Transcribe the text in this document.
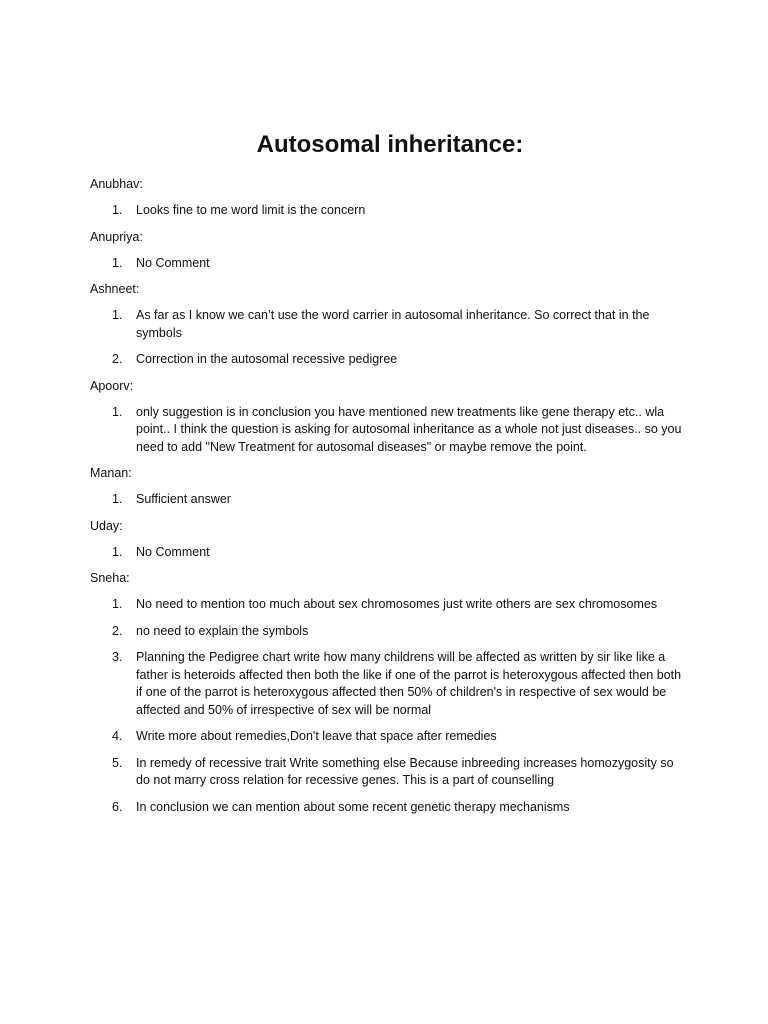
Autosomal inheritance:

Anubhav:

1. Looks fine to me word limit is the concern

Anupriya:

1. No Comment

Ashneet:

1. As far as I know we can’t use the word carrier in autosomal inheritance. So correct that in the symbols
2. Correction in the autosomal recessive pedigree

Apoorv:

1. only suggestion is in conclusion you have mentioned new treatments like gene therapy etc.. wla point.. I think the question is asking for autosomal inheritance as a whole not just diseases.. so you need to add "New Treatment for autosomal diseases" or maybe remove the point.

Manan:

1. Sufficient answer

Uday:

1. No Comment

Sneha:

1. No need to mention too much about sex chromosomes just write others are sex chromosomes
2. no need to explain the symbols
3. Planning the Pedigree chart write how many childrens will be affected as written by sir like like a father is heteroids affected then both the like if one of the parrot is heteroxygous affected then both if one of the parrot is heteroxygous affected then 50% of children's in respective of sex would be affected and 50% of irrespective of sex will be normal
4. Write more about remedies,Don't leave that space after remedies
5. In remedy of recessive trait Write something else Because inbreeding increases homozygosity so do not marry cross relation for recessive genes. This is a part of counselling
6. In conclusion we can mention about some recent genetic therapy mechanisms
